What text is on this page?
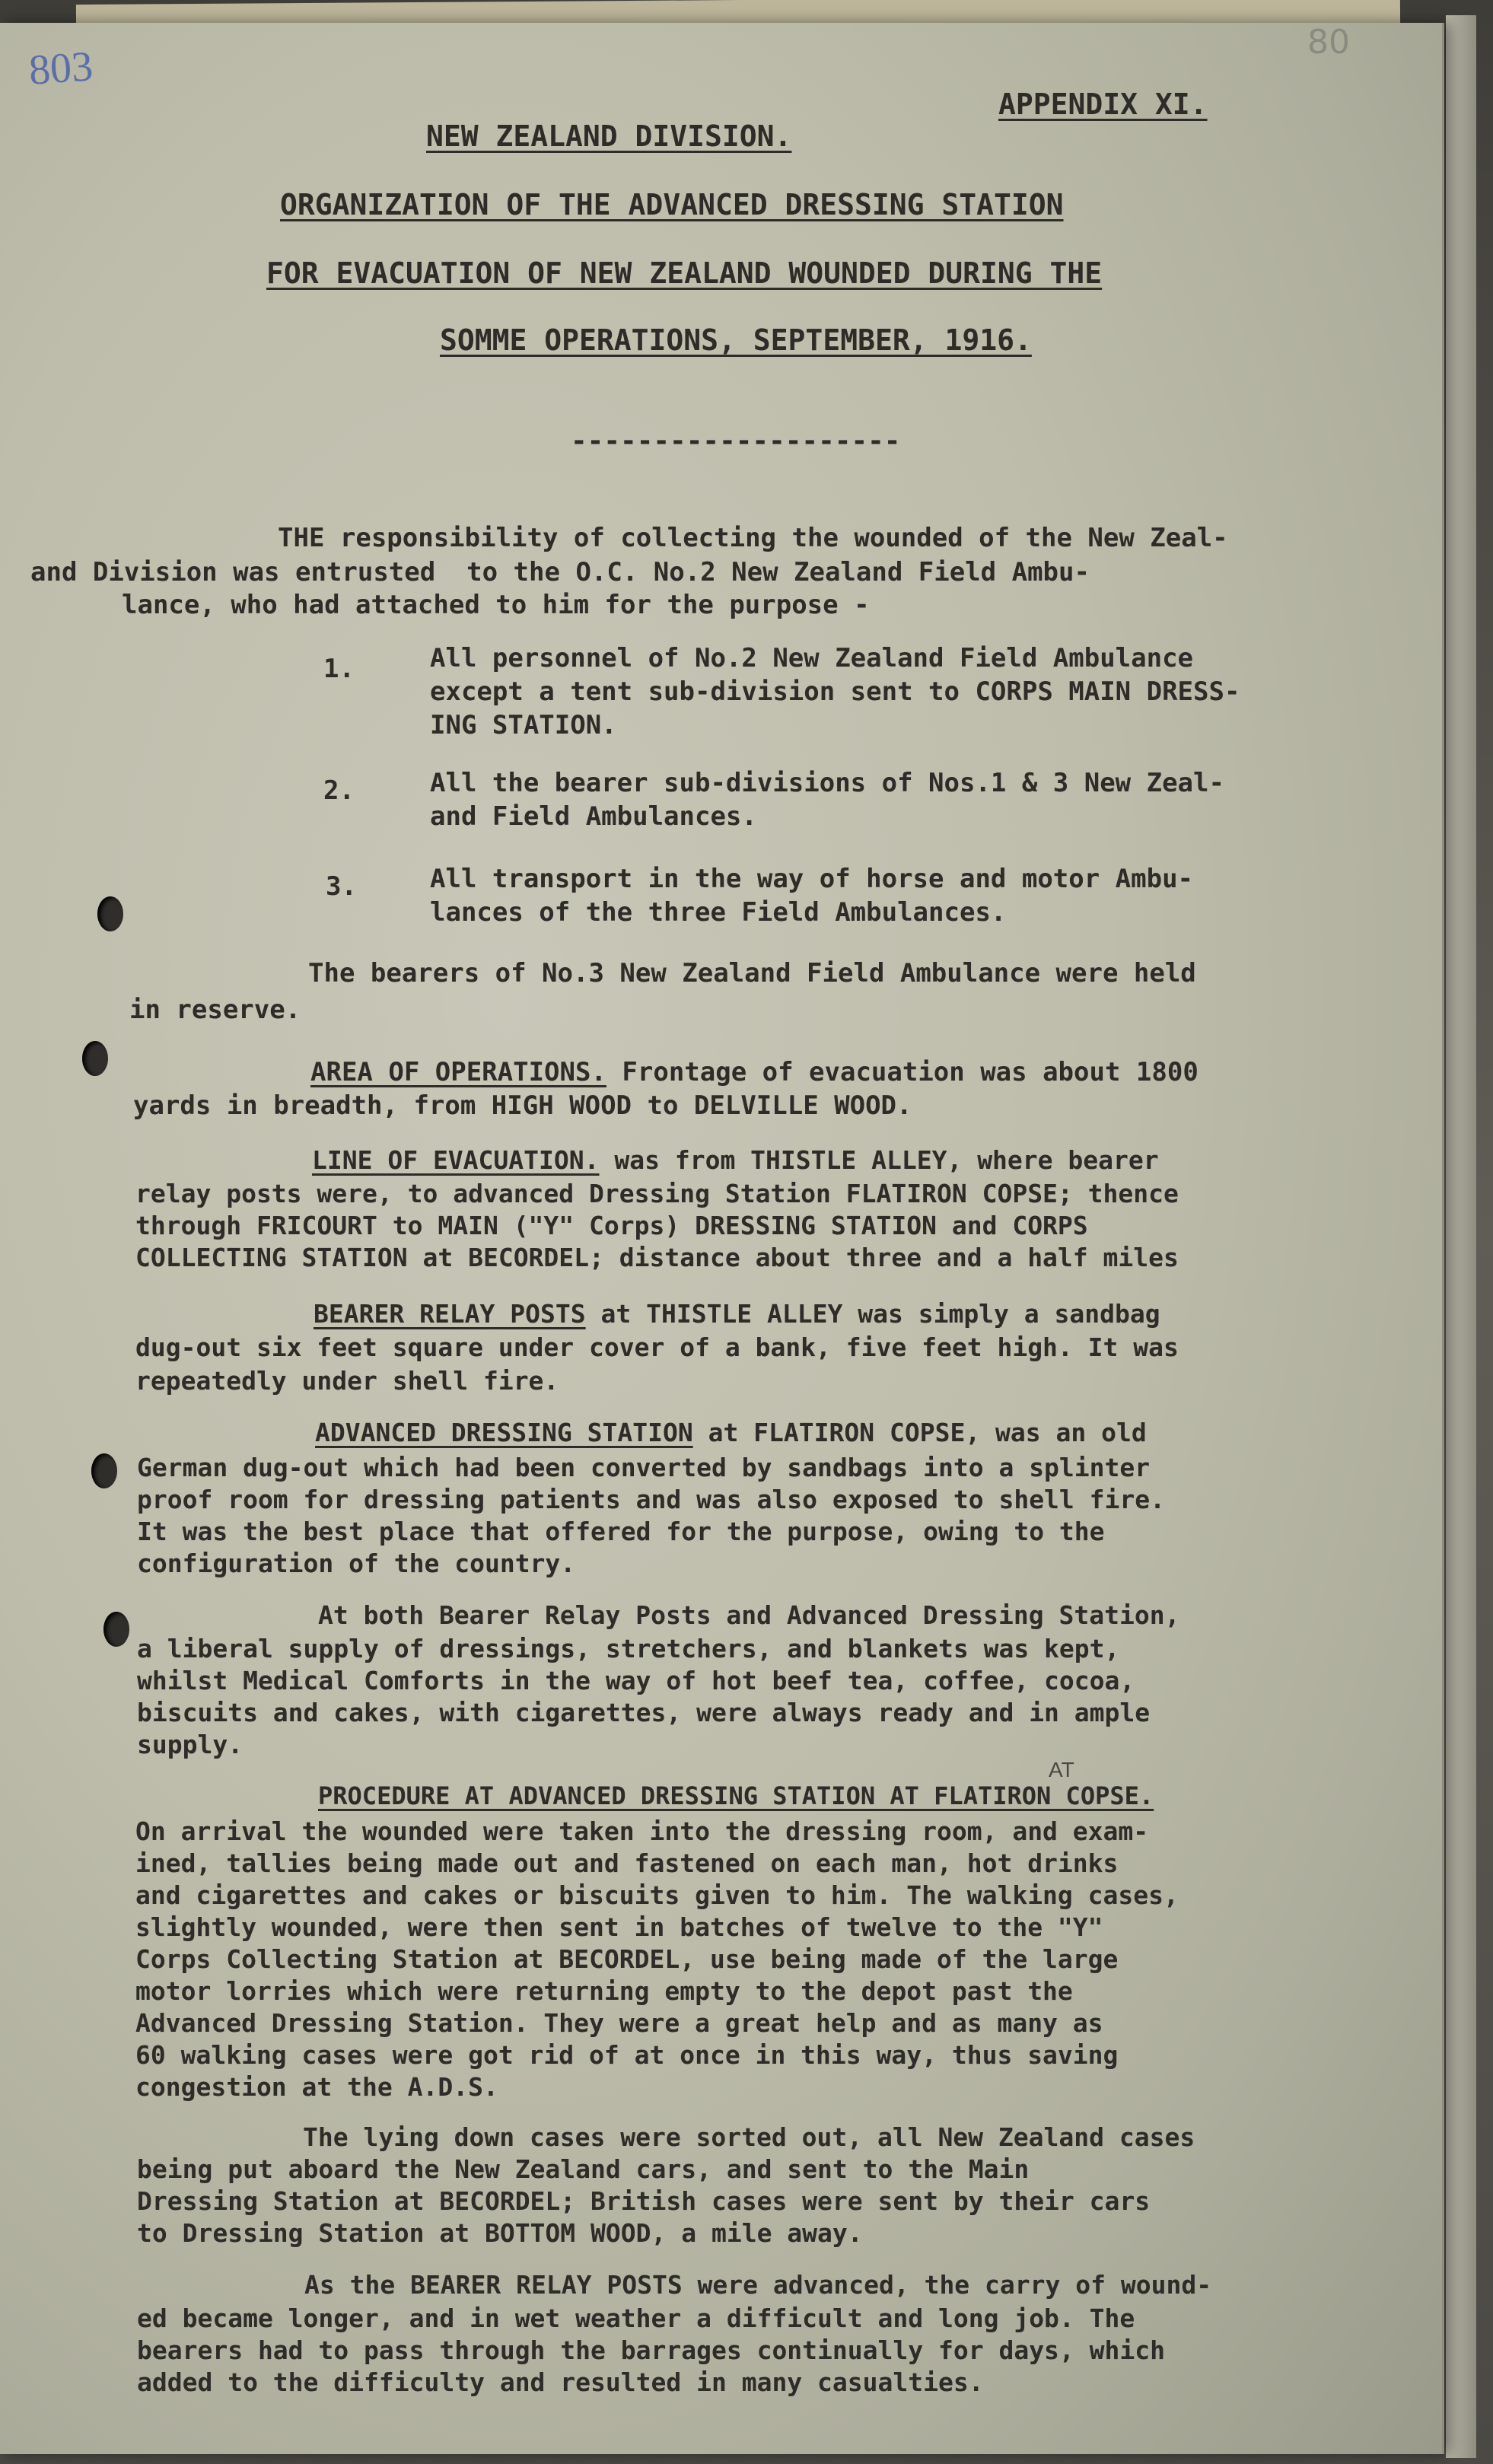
803
80
APPENDIX XI.
NEW ZEALAND DIVISION.
ORGANIZATION OF THE ADVANCED DRESSING STATION
FOR EVACUATION OF NEW ZEALAND WOUNDED DURING THE
SOMME OPERATIONS, SEPTEMBER, 1916.
--------------------
THE responsibility of collecting the wounded of the New Zeal-
and Division was entrusted  to the O.C. No.2 New Zealand Field Ambu-
lance, who had attached to him for the purpose -
1.	All personnel of No.2 New Zealand Field Ambulance
except a tent sub-division sent to CORPS MAIN DRESS-
ING STATION.
2.	All the bearer sub-divisions of Nos.1 & 3 New Zeal-
and Field Ambulances.
3.	All transport in the way of horse and motor Ambu-
lances of the three Field Ambulances.
The bearers of No.3 New Zealand Field Ambulance were held
in reserve.
AREA OF OPERATIONS. Frontage of evacuation was about 1800
yards in breadth, from HIGH WOOD to DELVILLE WOOD.
LINE OF EVACUATION. was from THISTLE ALLEY, where bearer
relay posts were, to advanced Dressing Station FLATIRON COPSE; thence
through FRICOURT to MAIN ("Y" Corps) DRESSING STATION and CORPS
COLLECTING STATION at BECORDEL; distance about three and a half miles
BEARER RELAY POSTS at THISTLE ALLEY was simply a sandbag
dug-out six feet square under cover of a bank, five feet high. It was
repeatedly under shell fire.
ADVANCED DRESSING STATION at FLATIRON COPSE, was an old
German dug-out which had been converted by sandbags into a splinter
proof room for dressing patients and was also exposed to shell fire.
It was the best place that offered for the purpose, owing to the
configuration of the country.
At both Bearer Relay Posts and Advanced Dressing Station,
a liberal supply of dressings, stretchers, and blankets was kept,
whilst Medical Comforts in the way of hot beef tea, coffee, cocoa,
biscuits and cakes, with cigarettes, were always ready and in ample
supply.
AT
PROCEDURE AT ADVANCED DRESSING STATION AT FLATIRON COPSE.
On arrival the wounded were taken into the dressing room, and exam-
ined, tallies being made out and fastened on each man, hot drinks
and cigarettes and cakes or biscuits given to him. The walking cases,
slightly wounded, were then sent in batches of twelve to the "Y"
Corps Collecting Station at BECORDEL, use being made of the large
motor lorries which were returning empty to the depot past the
Advanced Dressing Station. They were a great help and as many as
60 walking cases were got rid of at once in this way, thus saving
congestion at the A.D.S.
The lying down cases were sorted out, all New Zealand cases
being put aboard the New Zealand cars, and sent to the Main
Dressing Station at BECORDEL; British cases were sent by their cars
to Dressing Station at BOTTOM WOOD, a mile away.
As the BEARER RELAY POSTS were advanced, the carry of wound-
ed became longer, and in wet weather a difficult and long job. The
bearers had to pass through the barrages continually for days, which
added to the difficulty and resulted in many casualties.
